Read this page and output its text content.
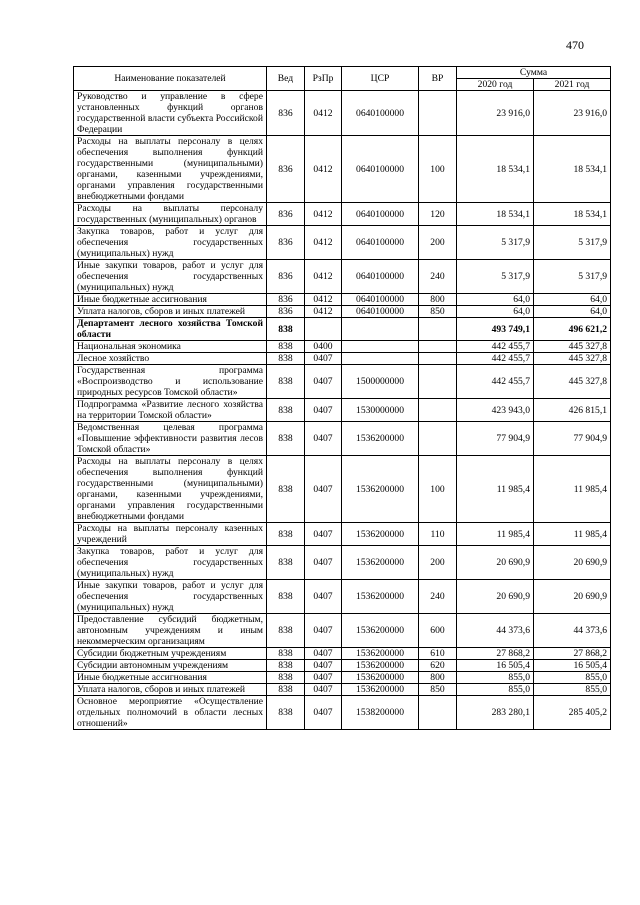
470
Наименование показателей	Вед	РзПр	ЦСР	ВР	Сумма	
					2020 год	2021 год
Руководство и управление в сфере установленных функций органов государственной власти субъекта Российской Федерации	836	0412	0640100000		23 916,0	23 916,0
Расходы на выплаты персоналу в целях обеспечения выполнения функций государственными (муниципальными) органами, казенными учреждениями, органами управления государственными внебюджетными фондами	836	0412	0640100000	100	18 534,1	18 534,1
Расходы на выплаты персоналу государственных (муниципальных) органов	836	0412	0640100000	120	18 534,1	18 534,1
Закупка товаров, работ и услуг для обеспечения государственных (муниципальных) нужд	836	0412	0640100000	200	5 317,9	5 317,9
Иные закупки товаров, работ и услуг для обеспечения государственных (муниципальных) нужд	836	0412	0640100000	240	5 317,9	5 317,9
Иные бюджетные ассигнования	836	0412	0640100000	800	64,0	64,0
Уплата налогов, сборов и иных платежей	836	0412	0640100000	850	64,0	64,0
Департамент лесного хозяйства Томской области	838				493 749,1	496 621,2
Национальная экономика	838	0400			442 455,7	445 327,8
Лесное хозяйство	838	0407			442 455,7	445 327,8
Государственная программа «Воспроизводство и использование природных ресурсов Томской области»	838	0407	1500000000		442 455,7	445 327,8
Подпрограмма «Развитие лесного хозяйства на территории Томской области»	838	0407	1530000000		423 943,0	426 815,1
Ведомственная целевая программа «Повышение эффективности развития лесов Томской области»	838	0407	1536200000		77 904,9	77 904,9
Расходы на выплаты персоналу в целях обеспечения выполнения функций государственными (муниципальными) органами, казенными учреждениями, органами управления государственными внебюджетными фондами	838	0407	1536200000	100	11 985,4	11 985,4
Расходы на выплаты персоналу казенных учреждений	838	0407	1536200000	110	11 985,4	11 985,4
Закупка товаров, работ и услуг для обеспечения государственных (муниципальных) нужд	838	0407	1536200000	200	20 690,9	20 690,9
Иные закупки товаров, работ и услуг для обеспечения государственных (муниципальных) нужд	838	0407	1536200000	240	20 690,9	20 690,9
Предоставление субсидий бюджетным, автономным учреждениям и иным некоммерческим организациям	838	0407	1536200000	600	44 373,6	44 373,6
Субсидии бюджетным учреждениям	838	0407	1536200000	610	27 868,2	27 868,2
Субсидии автономным учреждениям	838	0407	1536200000	620	16 505,4	16 505,4
Иные бюджетные ассигнования	838	0407	1536200000	800	855,0	855,0
Уплата налогов, сборов и иных платежей	838	0407	1536200000	850	855,0	855,0
Основное мероприятие «Осуществление отдельных полномочий в области лесных отношений»	838	0407	1538200000		283 280,1	285 405,2
